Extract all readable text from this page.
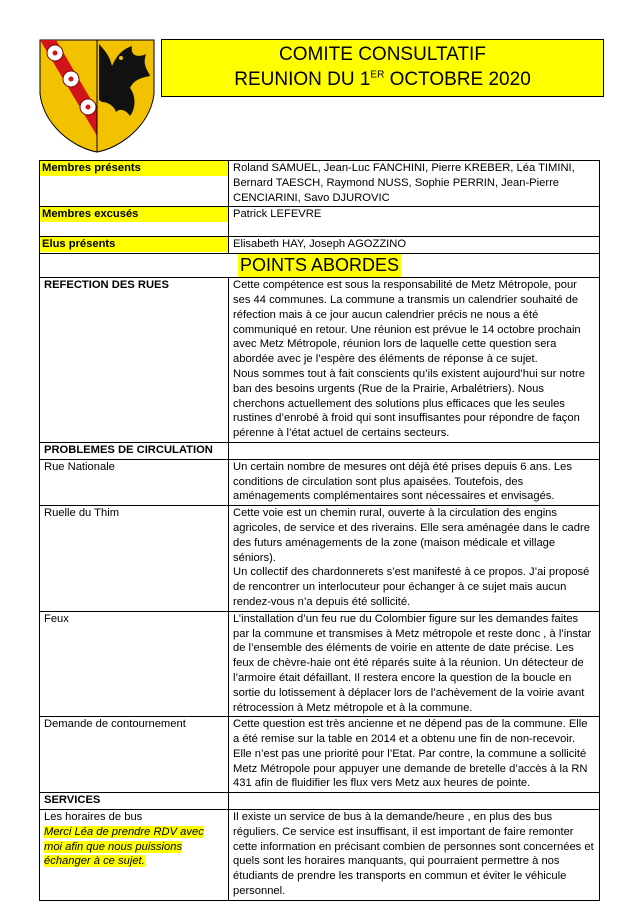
COMITE CONSULTATIF
REUNION DU 1ER OCTOBRE 2020
Membres présents	Roland SAMUEL, Jean-Luc FANCHINI, Pierre KREBER, Léa TIMINI, Bernard TAESCH, Raymond NUSS, Sophie PERRIN, Jean-Pierre CENCIARINI, Savo DJUROVIC

Membres excusés	Patrick LEFEVRE

Elus présents	Elisabeth HAY, Joseph AGOZZINO
POINTS ABORDES	
REFECTION DES RUES	Cette compétence est sous la responsabilité de Metz Métropole, pour ses 44 communes. La commune a transmis un calendrier souhaité de réfection mais à ce jour aucun calendrier précis ne nous a été communiqué en retour. Une réunion est prévue le 14 octobre prochain avec Metz Métropole, réunion lors de laquelle cette question sera abordée avec je l’espère des éléments de réponse à ce sujet.
Nous sommes tout à fait conscients qu’ils existent aujourd’hui sur notre ban des besoins urgents (Rue de la Prairie, Arbalétriers). Nous cherchons actuellement des solutions plus efficaces que les seules rustines d’enrobé à froid qui sont insuffisantes pour répondre de façon pérenne à l’état actuel de certains secteurs.

PROBLEMES DE CIRCULATION	
Rue Nationale	Un certain nombre de mesures ont déjà été prises depuis 6 ans. Les conditions de circulation sont plus apaisées. Toutefois, des aménagements complémentaires sont nécessaires et envisagés.
Ruelle du Thim	Cette voie est un chemin rural, ouverte à la circulation des engins agricoles, de service et des riverains. Elle sera aménagée dans le cadre des futurs aménagements de la zone (maison médicale et village séniors).
Un collectif des chardonnerets s’est manifesté à ce propos. J’ai proposé de rencontrer un interlocuteur pour échanger à ce sujet mais aucun rendez-vous n’a depuis été sollicité.

Feux	L’installation d’un feu rue du Colombier figure sur les demandes faites par la commune et transmises à Metz métropole et reste donc , à l’instar de l’ensemble des éléments de voirie en attente de date précise. Les feux de chèvre-haie ont été réparés suite à la réunion. Un détecteur de l’armoire était défaillant. Il restera encore la question de la boucle en sortie du lotissement à déplacer lors de l’achèvement de la voirie avant rétrocession à Metz métropole et à la commune.
Demande de contournement	Cette question est très ancienne et ne dépend pas de la commune. Elle a été remise sur la table en 2014 et a obtenu une fin de non-recevoir. Elle n’est pas une priorité pour l’Etat. Par contre, la commune a sollicité Metz Métropole pour appuyer une demande de bretelle d’accès à la RN 431 afin de fluidifier les flux vers Metz aux heures de pointe.
SERVICES	

Les horaires de bus
Merci Léa de prendre RDV avec moi afin que nous puissions échanger à ce sujet.	Il existe un service de bus à la demande/heure , en plus des bus réguliers. Ce service est insuffisant, il est important de faire remonter cette information en précisant combien de personnes sont concernées et quels sont les horaires manquants, qui pourraient permettre à nos étudiants de prendre les transports en commun et éviter le véhicule personnel.
